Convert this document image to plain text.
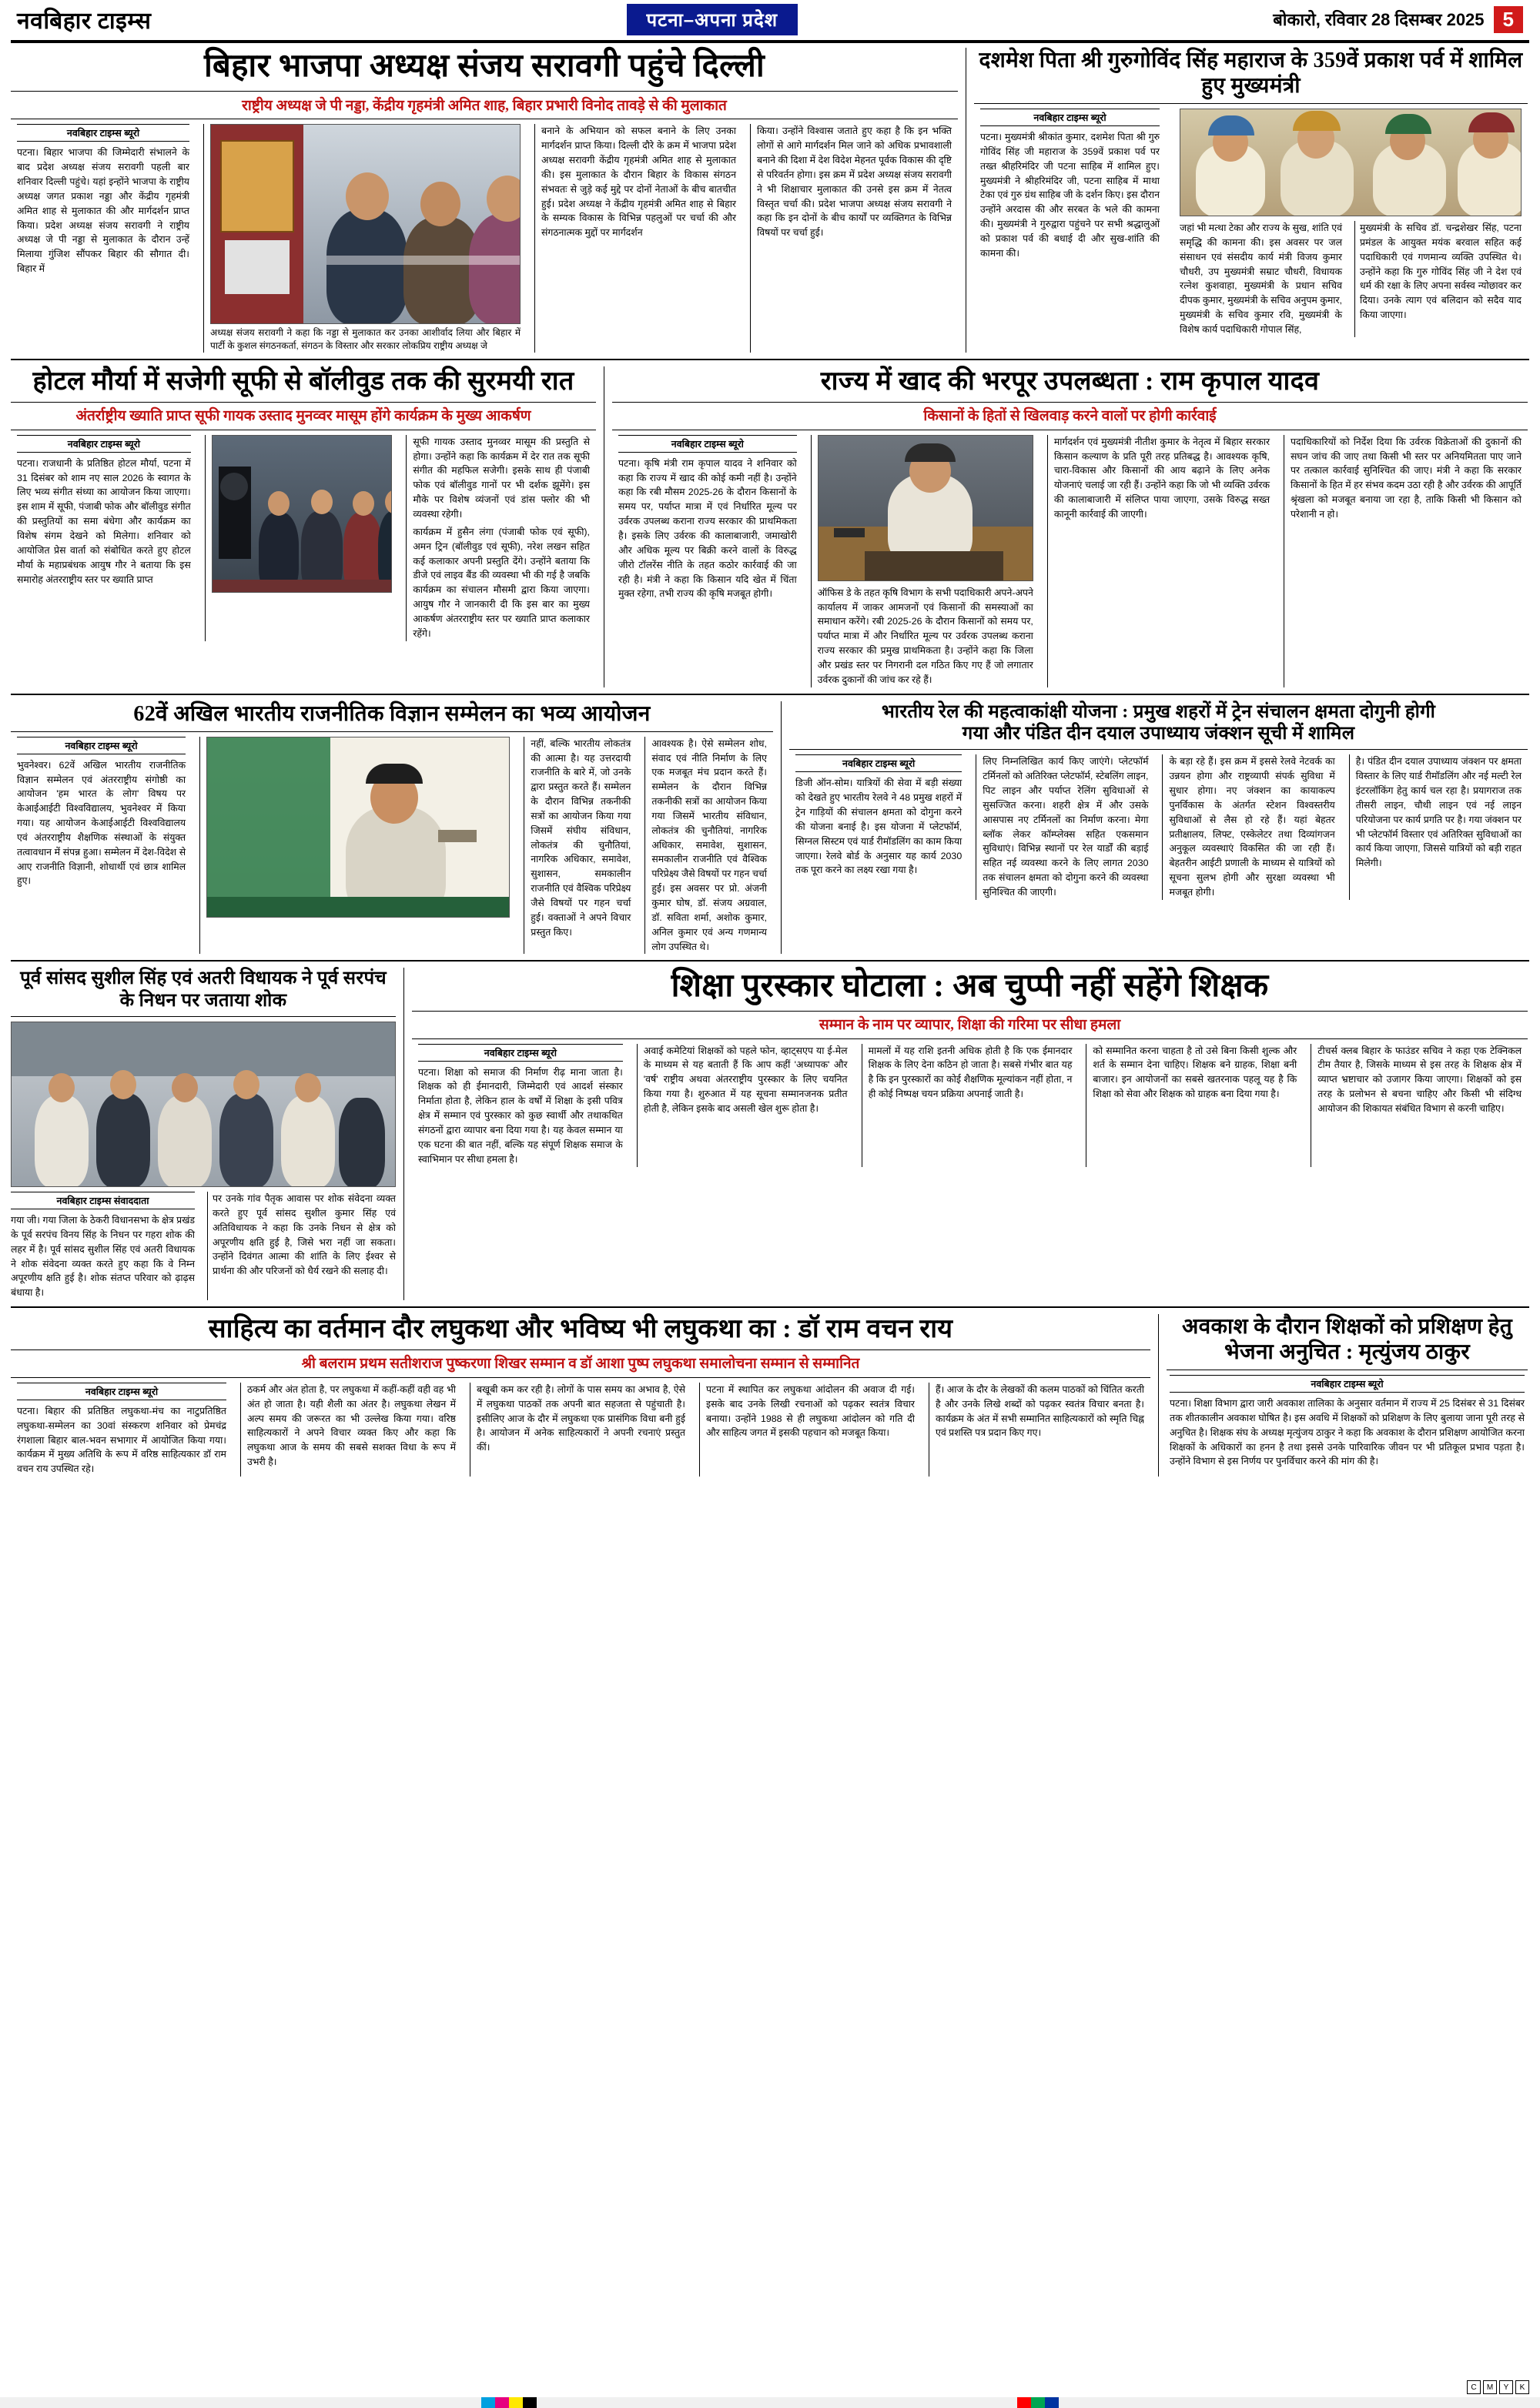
नवबिहार टाइम्स	पटना–अपना प्रदेश	बोकारो, रविवार 28 दिसम्बर 2025 5
बिहार भाजपा अध्यक्ष संजय सरावगी पहुंचे दिल्ली
राष्ट्रीय अध्यक्ष जे पी नड्डा, केंद्रीय गृहमंत्री अमित शाह, बिहार प्रभारी विनोद तावड़े से की मुलाकात
नवबिहार टाइम्स ब्यूरो
पटना। बिहार भाजपा की जिम्मेदारी संभालने के बाद प्रदेश अध्यक्ष संजय सरावगी पहली बार शनिवार दिल्ली पहुंचे। यहां इन्होंने भाजपा के राष्ट्रीय अध्यक्ष जगत प्रकाश नड्डा और केंद्रीय गृहमंत्री अमित शाह से मुलाकात की और मार्गदर्शन प्राप्त किया। प्रदेश अध्यक्ष संजय सरावगी ने राष्ट्रीय अध्यक्ष जे पी नड्डा से मुलाकात के दौरान उन्हें मिलाया गुंजिश सौंपकर बिहार की सौगात दी। बिहार में
अध्यक्ष संजय सरावगी ने कहा कि नड्डा से मुलाकात कर उनका आशीर्वाद लिया और बिहार में पार्टी के कुशल संगठनकर्ता, संगठन के विस्तार और सरकार लोकप्रिय राष्ट्रीय अध्यक्ष जे
बनाने के अभियान को सफल बनाने के लिए उनका मार्गदर्शन प्राप्त किया। दिल्ली दौरे के क्रम में भाजपा प्रदेश अध्यक्ष सरावगी केंद्रीय गृहमंत्री अमित शाह से मुलाकात की। इस मुलाकात के दौरान बिहार के विकास संगठन संभवतः से जुड़े कई मुद्दे पर दोनों नेताओं के बीच बातचीत हुई। प्रदेश अध्यक्ष ने केंद्रीय गृहमंत्री अमित शाह से बिहार के सम्यक विकास के विभिन्न पहलुओं पर चर्चा की और संगठनात्मक मुद्दों पर मार्गदर्शन
किया। उन्होंने विश्वास जताते हुए कहा है कि इन भक्ति लोगों से आगे मार्गदर्शन मिल जाने को अधिक प्रभावशाली बनाने की दिशा में देश विदेश मेहनत पूर्वक विकास की दृष्टि से परिवर्तन होगा। इस क्रम में प्रदेश अध्यक्ष संजय सरावगी ने भी शिक्षाचार मुलाकात की उनसे इस क्रम में नेतत्व विस्तृत चर्चा की। प्रदेश भाजपा अध्यक्ष संजय सरावगी ने कहा कि इन दोनों के बीच कार्यों पर व्यक्तिगत के विभिन्न विषयों पर चर्चा हुई।
दशमेश पिता श्री गुरुगोविंद सिंह महाराज के 359वें प्रकाश पर्व में शामिल हुए मुख्यमंत्री
नवबिहार टाइम्स ब्यूरो
पटना। मुख्यमंत्री श्रीकांत कुमार, दशमेश पिता श्री गुरु गोविंद सिंह जी महाराज के 359वें प्रकाश पर्व पर तख्त श्रीहरिमंदिर जी पटना साहिब में शामिल हुए। मुख्यमंत्री ने श्रीहरिमंदिर जी, पटना साहिब में माथा टेका एवं गुरु ग्रंथ साहिब जी के दर्शन किए। इस दौरान उन्होंने अरदास की और सरबत के भले की कामना की। मुख्यमंत्री ने गुरुद्वारा पहुंचने पर सभी श्रद्धालुओं को प्रकाश पर्व की बधाई दी और सुख-शांति की कामना की।
जहां भी मत्था टेका और राज्य के सुख, शांति एवं समृद्धि की कामना की। इस अवसर पर जल संसाधन एवं संसदीय कार्य मंत्री विजय कुमार चौधरी, उप मुख्यमंत्री सम्राट चौधरी, विधायक रत्नेश कुशवाहा, मुख्यमंत्री के प्रधान सचिव दीपक कुमार, मुख्यमंत्री के सचिव अनुपम कुमार, मुख्यमंत्री के सचिव कुमार रवि, मुख्यमंत्री के विशेष कार्य पदाधिकारी गोपाल सिंह,
मुख्यमंत्री के सचिव डॉ. चन्द्रशेखर सिंह, पटना प्रमंडल के आयुक्त मयंक बरवाल सहित कई पदाधिकारी एवं गणमान्य व्यक्ति उपस्थित थे। उन्होंने कहा कि गुरु गोविंद सिंह जी ने देश एवं धर्म की रक्षा के लिए अपना सर्वस्व न्योछावर कर दिया। उनके त्याग एवं बलिदान को सदैव याद किया जाएगा।
होटल मौर्या में सजेगी सूफी से बॉलीवुड तक की सुरमयी रात
अंतर्राष्ट्रीय ख्याति प्राप्त सूफी गायक उस्ताद मुनव्वर मासूम होंगे कार्यक्रम के मुख्य आकर्षण
नवबिहार टाइम्स ब्यूरो
पटना। राजधानी के प्रतिष्ठित होटल मौर्या, पटना में 31 दिसंबर को शाम नए साल 2026 के स्वागत के लिए भव्य संगीत संध्या का आयोजन किया जाएगा। इस शाम में सूफी, पंजाबी फोक और बॉलीवुड संगीत की प्रस्तुतियों का समा बंधेगा और कार्यक्रम का विशेष संगम देखने को मिलेगा। शनिवार को आयोजित प्रेस वार्ता को संबोधित करते हुए होटल मौर्या के महाप्रबंधक आयुष गौर ने बताया कि इस समारोह अंतरराष्ट्रीय स्तर पर ख्याति प्राप्त
सूफी गायक उस्ताद मुनव्वर मासूम की प्रस्तुति से होगा। उन्होंने कहा कि कार्यक्रम में देर रात तक सूफी संगीत की महफिल सजेगी। इसके साथ ही पंजाबी फोक एवं बॉलीवुड गानों पर भी दर्शक झूमेंगे। इस मौके पर विशेष व्यंजनों एवं डांस फ्लोर की भी व्यवस्था रहेगी।
कार्यक्रम में हुसैन लंगा (पंजाबी फोक एवं सूफी), अमन ट्रिन (बॉलीवुड एवं सूफी), नरेश लखन सहित कई कलाकार अपनी प्रस्तुति देंगे। उन्होंने बताया कि डीजे एवं लाइव बैंड की व्यवस्था भी की गई है जबकि कार्यक्रम का संचालन मौसमी द्वारा किया जाएगा। आयुष गौर ने जानकारी दी कि इस बार का मुख्य आकर्षण अंतरराष्ट्रीय स्तर पर ख्याति प्राप्त कलाकार रहेंगे।
राज्य में खाद की भरपूर उपलब्धता : राम कृपाल यादव
किसानों के हितों से खिलवाड़ करने वालों पर होगी कार्रवाई
नवबिहार टाइम्स ब्यूरो
पटना। कृषि मंत्री राम कृपाल यादव ने शनिवार को कहा कि राज्य में खाद की कोई कमी नहीं है। उन्होंने कहा कि रबी मौसम 2025-26 के दौरान किसानों के समय पर, पर्याप्त मात्रा में एवं निर्धारित मूल्य पर उर्वरक उपलब्ध कराना राज्य सरकार की प्राथमिकता है। इसके लिए उर्वरक की कालाबाजारी, जमाखोरी और अधिक मूल्य पर बिक्री करने वालों के विरुद्ध जीरो टॉलरेंस नीति के तहत कठोर कार्रवाई की जा रही है। मंत्री ने कहा कि किसान यदि खेत में चिंता मुक्त रहेगा, तभी राज्य की कृषि मजबूत होगी।	ऑफिस डे के तहत कृषि विभाग के सभी पदाधिकारी अपने-अपने कार्यालय में जाकर आमजनों एवं किसानों की समस्याओं का समाधान करेंगे। रबी 2025-26 के दौरान किसानों को समय पर, पर्याप्त मात्रा में और निर्धारित मूल्य पर उर्वरक उपलब्ध कराना राज्य सरकार की प्रमुख प्राथमिकता है। उन्होंने कहा कि जिला और प्रखंड स्तर पर निगरानी दल गठित किए गए हैं जो लगातार उर्वरक दुकानों की जांच कर रहे हैं।
मार्गदर्शन एवं मुख्यमंत्री नीतीश कुमार के नेतृत्व में बिहार सरकार किसान कल्याण के प्रति पूरी तरह प्रतिबद्ध है। आवश्यक कृषि, चारा-विकास और किसानों की आय बढ़ाने के लिए अनेक योजनाएं चलाई जा रही हैं। उन्होंने कहा कि जो भी व्यक्ति उर्वरक की कालाबाजारी में संलिप्त पाया जाएगा, उसके विरुद्ध सख्त कानूनी कार्रवाई की जाएगी।
पदाधिकारियों को निर्देश दिया कि उर्वरक विक्रेताओं की दुकानों की सघन जांच की जाए तथा किसी भी स्तर पर अनियमितता पाए जाने पर तत्काल कार्रवाई सुनिश्चित की जाए। मंत्री ने कहा कि सरकार किसानों के हित में हर संभव कदम उठा रही है और उर्वरक की आपूर्ति श्रृंखला को मजबूत बनाया जा रहा है, ताकि किसी भी किसान को परेशानी न हो।
62वें अखिल भारतीय राजनीतिक विज्ञान सम्मेलन का भव्य आयोजन
नवबिहार टाइम्स ब्यूरो
भुवनेश्वर। 62वें अखिल भारतीय राजनीतिक विज्ञान सम्मेलन एवं अंतरराष्ट्रीय संगोष्ठी का आयोजन 'हम भारत के लोग' विषय पर केआईआईटी विश्वविद्यालय, भुवनेश्वर में किया गया। यह आयोजन केआईआईटी विश्वविद्यालय एवं अंतरराष्ट्रीय शैक्षणिक संस्थाओं के संयुक्त तत्वावधान में संपन्न हुआ। सम्मेलन में देश-विदेश से आए राजनीति विज्ञानी, शोधार्थी एवं छात्र शामिल हुए।
नहीं, बल्कि भारतीय लोकतंत्र की आत्मा है। यह उत्तरदायी राजनीति के बारे में, जो उनके द्वारा प्रस्तुत करते हैं। सम्मेलन के दौरान विभिन्न तकनीकी सत्रों का आयोजन किया गया जिसमें संघीय संविधान, लोकतंत्र की चुनौतियां, नागरिक अधिकार, समावेश, सुशासन, समकालीन राजनीति एवं वैश्विक परिप्रेक्ष्य जैसे विषयों पर गहन चर्चा हुई। वक्ताओं ने अपने विचार प्रस्तुत किए।
आवश्यक है। ऐसे सम्मेलन शोध, संवाद एवं नीति निर्माण के लिए एक मजबूत मंच प्रदान करते हैं। सम्मेलन के दौरान विभिन्न तकनीकी सत्रों का आयोजन किया गया जिसमें भारतीय संविधान, लोकतंत्र की चुनौतियां, नागरिक अधिकार, समावेश, सुशासन, समकालीन राजनीति एवं वैश्विक परिप्रेक्ष्य जैसे विषयों पर गहन चर्चा हुई। इस अवसर पर प्रो. अंजनी कुमार घोष, डॉ. संजय अग्रवाल, डॉ. सविता शर्मा, अशोक कुमार, अनिल कुमार एवं अन्य गणमान्य लोग उपस्थित थे।
भारतीय रेल की महत्वाकांक्षी योजना : प्रमुख शहरों में ट्रेन संचालन क्षमता दोगुनी होगी
गया और पंडित दीन दयाल उपाध्याय जंक्शन सूची में शामिल
नवबिहार टाइम्स ब्यूरो
डिजी ऑन-सोम। यात्रियों की सेवा में बड़ी संख्या को देखते हुए भारतीय रेलवे ने 48 प्रमुख शहरों में ट्रेन गाड़ियों की संचालन क्षमता को दोगुना करने की योजना बनाई है। इस योजना में प्लेटफॉर्म, सिग्नल सिस्टम एवं यार्ड रीमॉडलिंग का काम किया जाएगा। रेलवे बोर्ड के अनुसार यह कार्य 2030 तक पूरा करने का लक्ष्य रखा गया है।
लिए निम्नलिखित कार्य किए जाएंगे। प्लेटफॉर्म टर्मिनलों को अतिरिक्त प्लेटफॉर्म, स्टेबलिंग लाइन, पिट लाइन और पर्याप्त रेलिंग सुविधाओं से सुसज्जित करना। शहरी क्षेत्र में और उसके आसपास नए टर्मिनलों का निर्माण करना। मेगा ब्लॉक लेकर कॉम्प्लेक्स सहित एकसमान सुविधाएं। विभिन्न स्थानों पर रेल यार्डों की बड़ाई सहित नई व्यवस्था करने के लिए लागत 2030 तक संचालन क्षमता को दोगुना करने की व्यवस्था सुनिश्चित की जाएगी।
के बड़ा रहे हैं। इस क्रम में इससे रेलवे नेटवर्क का उन्नयन होगा और राष्ट्रव्यापी संपर्क सुविधा में सुधार होगा। नए जंक्शन का कायाकल्प पुनर्विकास के अंतर्गत स्टेशन विश्वस्तरीय सुविधाओं से लैस हो रहे हैं। यहां बेहतर प्रतीक्षालय, लिफ्ट, एस्केलेटर तथा दिव्यांगजन अनुकूल व्यवस्थाएं विकसित की जा रही हैं। बेहतरीन आईटी प्रणाली के माध्यम से यात्रियों को सूचना सुलभ होगी और सुरक्षा व्यवस्था भी मजबूत होगी।
है। पंडित दीन दयाल उपाध्याय जंक्शन पर क्षमता विस्तार के लिए यार्ड रीमॉडलिंग और नई मल्टी रेल इंटरलॉकिंग हेतु कार्य चल रहा है। प्रयागराज तक तीसरी लाइन, चौथी लाइन एवं नई लाइन परियोजना पर कार्य प्रगति पर है। गया जंक्शन पर भी प्लेटफॉर्म विस्तार एवं अतिरिक्त सुविधाओं का कार्य किया जाएगा, जिससे यात्रियों को बड़ी राहत मिलेगी।
पूर्व सांसद सुशील सिंह एवं अतरी विधायक ने पूर्व सरपंच के निधन पर जताया शोक
नवबिहार टाइम्स संवाददाता
गया जी। गया जिला के ठेकरी विधानसभा के क्षेत्र प्रखंड के पूर्व सरपंच विनय सिंह के निधन पर गहरा शोक की लहर में है। पूर्व सांसद सुशील सिंह एवं अतरी विधायक ने शोक संवेदना व्यक्त करते हुए कहा कि वे निम्न अपूरणीय क्षति हुई है। शोक संतप्त परिवार को ढ़ाढ़स बंधाया है।
पर उनके गांव पैतृक आवास पर शोक संवेदना व्यक्त करते हुए पूर्व सांसद सुशील कुमार सिंह एवं अतिविधायक ने कहा कि उनके निधन से क्षेत्र को अपूरणीय क्षति हुई है, जिसे भरा नहीं जा सकता। उन्होंने दिवंगत आत्मा की शांति के लिए ईश्वर से प्रार्थना की और परिजनों को धैर्य रखने की सलाह दी।
शिक्षा पुरस्कार घोटाला : अब चुप्पी नहीं सहेंगे शिक्षक
सम्मान के नाम पर व्यापार, शिक्षा की गरिमा पर सीधा हमला
नवबिहार टाइम्स ब्यूरो
पटना। शिक्षा को समाज की निर्माण रीढ़ माना जाता है। शिक्षक को ही ईमानदारी, जिम्मेदारी एवं आदर्श संस्कार निर्माता होता है, लेकिन हाल के वर्षों में शिक्षा के इसी पवित्र क्षेत्र में सम्मान एवं पुरस्कार को कुछ स्वार्थी और तथाकथित संगठनों द्वारा व्यापार बना दिया गया है। यह केवल सम्मान या एक घटना की बात नहीं, बल्कि यह संपूर्ण शिक्षक समाज के स्वाभिमान पर सीधा हमला है।
अवाई कमेटियां शिक्षकों को पहले फोन, व्हाट्सएप या ई-मेल के माध्यम से यह बताती हैं कि आप कहीं 'अध्यापक' और 'वर्ष' राष्ट्रीय अथवा अंतरराष्ट्रीय पुरस्कार के लिए चयनित किया गया है। शुरुआत में यह सूचना सम्मानजनक प्रतीत होती है, लेकिन इसके बाद असली खेल शुरू होता है।
मामलों में यह राशि इतनी अधिक होती है कि एक ईमानदार शिक्षक के लिए देना कठिन हो जाता है। सबसे गंभीर बात यह है कि इन पुरस्कारों का कोई शैक्षणिक मूल्यांकन नहीं होता, न ही कोई निष्पक्ष चयन प्रक्रिया अपनाई जाती है।
को सम्मानित करना चाहता है तो उसे बिना किसी शुल्क और शर्त के सम्मान देना चाहिए। शिक्षक बने ग्राहक, शिक्षा बनी बाजार। इन आयोजनों का सबसे खतरनाक पहलू यह है कि शिक्षा को सेवा और शिक्षक को ग्राहक बना दिया गया है।
टीचर्स क्लब बिहार के फाउंडर सचिव ने कहा एक टेक्निकल टीम तैयार है, जिसके माध्यम से इस तरह के शिक्षक क्षेत्र में व्याप्त भ्रष्टाचार को उजागर किया जाएगा। शिक्षकों को इस तरह के प्रलोभन से बचना चाहिए और किसी भी संदिग्ध आयोजन की शिकायत संबंधित विभाग से करनी चाहिए।
साहित्य का वर्तमान दौर लघुकथा और भविष्य भी लघुकथा का : डॉ राम वचन राय
श्री बलराम प्रथम सतीशराज पुष्करणा शिखर सम्मान व डॉ आशा पुष्प लघुकथा समालोचना सम्मान से सम्मानित
नवबिहार टाइम्स ब्यूरो
पटना। बिहार की प्रतिष्ठित लघुकथा-मंच का नाटुप्रतिष्ठित लघुकथा-सम्मेलन का 30वां संस्करण शनिवार को प्रेमचंद्र रंगशाला बिहार बाल-भवन सभागार में आयोजित किया गया। कार्यक्रम में मुख्य अतिथि के रूप में वरिष्ठ साहित्यकार डॉ राम वचन राय उपस्थित रहे।
ठकर्म और अंत होता है, पर लघुकथा में कहीं-कहीं वही वह भी अंत हो जाता है। यही शैली का अंतर है। लघुकथा लेखन में अल्प समय की जरूरत का भी उल्लेख किया गया। वरिष्ठ साहित्यकारों ने अपने विचार व्यक्त किए और कहा कि लघुकथा आज के समय की सबसे सशक्त विधा के रूप में उभरी है।
बखूबी कम कर रही है। लोगों के पास समय का अभाव है, ऐसे में लघुकथा पाठकों तक अपनी बात सहजता से पहुंचाती है। इसीलिए आज के दौर में लघुकथा एक प्रासंगिक विधा बनी हुई है। आयोजन में अनेक साहित्यकारों ने अपनी रचनाएं प्रस्तुत कीं।
पटना में स्थापित कर लघुकथा आंदोलन की अवाज दी गई। इसके बाद उनके लिखी रचनाओं को पढ़कर स्वतंत्र विचार बनाया। उन्होंने 1988 से ही लघुकथा आंदोलन को गति दी और साहित्य जगत में इसकी पहचान को मजबूत किया।
हैं। आज के दौर के लेखकों की कलम पाठकों को चिंतित करती है और उनके लिखे शब्दों को पढ़कर स्वतंत्र विचार बनता है। कार्यक्रम के अंत में सभी सम्मानित साहित्यकारों को स्मृति चिह्न एवं प्रशस्ति पत्र प्रदान किए गए।
अवकाश के दौरान शिक्षकों को प्रशिक्षण हेतु भेजना अनुचित : मृत्युंजय ठाकुर
नवबिहार टाइम्स ब्यूरो
पटना। शिक्षा विभाग द्वारा जारी अवकाश तालिका के अनुसार वर्तमान में राज्य में 25 दिसंबर से 31 दिसंबर तक शीतकालीन अवकाश घोषित है। इस अवधि में शिक्षकों को प्रशिक्षण के लिए बुलाया जाना पूरी तरह से अनुचित है। शिक्षक संघ के अध्यक्ष मृत्युंजय ठाकुर ने कहा कि अवकाश के दौरान प्रशिक्षण आयोजित करना शिक्षकों के अधिकारों का हनन है तथा इससे उनके पारिवारिक जीवन पर भी प्रतिकूल प्रभाव पड़ता है। उन्होंने विभाग से इस निर्णय पर पुनर्विचार करने की मांग की है।
C	M	Y	K
